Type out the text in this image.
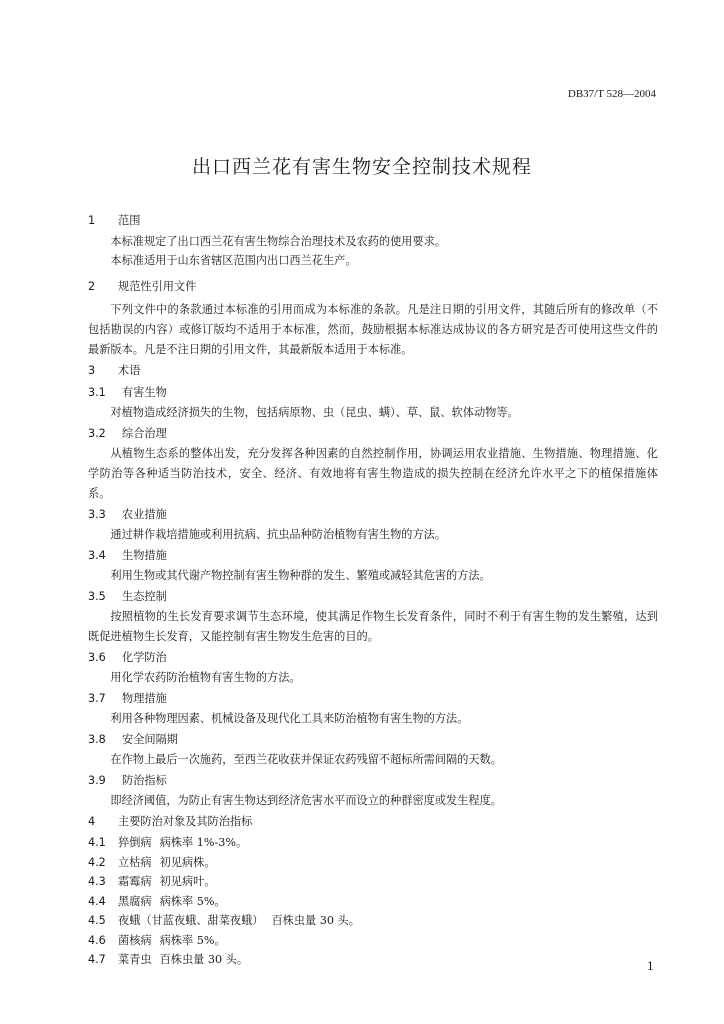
DB37/T 528—2004
出口西兰花有害生物安全控制技术规程
1 范围
本标准规定了出口西兰花有害生物综合治理技术及农药的使用要求。
本标准适用于山东省辖区范围内出口西兰花生产。
2 规范性引用文件
下列文件中的条款通过本标准的引用而成为本标准的条款。凡是注日期的引用文件，其随后所有的修改单（不包括勘误的内容）或修订版均不适用于本标准，然而，鼓励根据本标准达成协议的各方研究是否可使用这些文件的最新版本。凡是不注日期的引用文件，其最新版本适用于本标准。
3 术语
3.1 有害生物
对植物造成经济损失的生物，包括病原物、虫（昆虫、螨）、草、鼠、软体动物等。
3.2 综合治理
从植物生态系的整体出发，充分发挥各种因素的自然控制作用，协调运用农业措施、生物措施、物理措施、化学防治等各种适当防治技术，安全、经济、有效地将有害生物造成的损失控制在经济允许水平之下的植保措施体系。
3.3 农业措施
通过耕作栽培措施或利用抗病、抗虫品种防治植物有害生物的方法。
3.4 生物措施
利用生物或其代谢产物控制有害生物种群的发生、繁殖或减轻其危害的方法。
3.5 生态控制
按照植物的生长发育要求调节生态环境，使其满足作物生长发育条件，同时不利于有害生物的发生繁殖，达到既促进植物生长发育，又能控制有害生物发生危害的目的。
3.6 化学防治
用化学农药防治植物有害生物的方法。
3.7 物理措施
利用各种物理因素、机械设备及现代化工具来防治植物有害生物的方法。
3.8 安全间隔期
在作物上最后一次施药，至西兰花收获并保证农药残留不超标所需间隔的天数。
3.9 防治指标
即经济阈值，为防止有害生物达到经济危害水平而设立的种群密度或发生程度。
4 主要防治对象及其防治指标
4.1 猝倒病 病株率 1%-3%。
4.2 立枯病 初见病株。
4.3 霜霉病 初见病叶。
4.4 黑腐病 病株率 5%。
4.5 夜蛾（甘蓝夜蛾、甜菜夜蛾） 百株虫量 30 头。
4.6 菌核病 病株率 5%。
4.7 菜青虫 百株虫量 30 头。
1
